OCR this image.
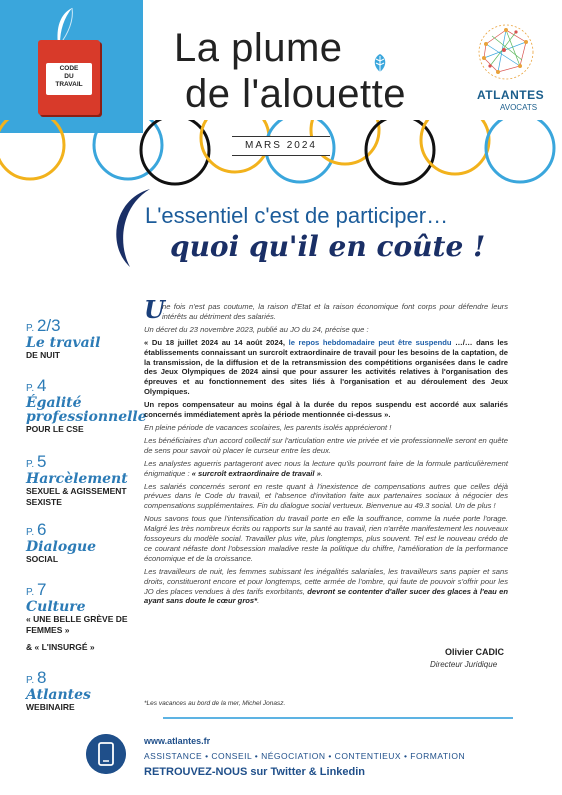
CODE
DU
TRAVAIL
La plume
de l'alouette	ATLANTES
AVOCATS
MARS 2024
L'essentiel c'est de participer…
quoi qu'il en coûte !
P. 2/3
Le travail
DE NUIT
P. 4
Égalité professionnelle
POUR LE CSE
P. 5
Harcèlement
SEXUEL & AGISSEMENT SEXISTE
P. 6
Dialogue
SOCIAL
P. 7
Culture
« UNE BELLE GRÈVE DE FEMMES »
& « L'INSURGÉ »
P. 8
Atlantes
WEBINAIRE
U

ne fois n'est pas coutume, la raison d'Etat et la raison économique font corps pour défendre leurs intérêts au détriment des salariés.

Un décret du 23 novembre 2023, publié au JO du 24, précise que :

« Du 18 juillet 2024 au 14 août 2024, le repos hebdomadaire peut être suspendu …/… dans les établissements connaissant un surcroît extraordinaire de travail pour les besoins de la captation, de la transmission, de la diffusion et de la retransmission des compétitions organisées dans le cadre des Jeux Olympiques de 2024 ainsi que pour assurer les activités relatives à l'organisation des épreuves et au fonctionnement des sites liés à l'organisation et au déroulement des Jeux Olympiques.

Un repos compensateur au moins égal à la durée du repos suspendu est accordé aux salariés concernés immédiatement après la période mentionnée ci-dessus ».

En pleine période de vacances scolaires, les parents isolés apprécieront !

Les bénéficiaires d'un accord collectif sur l'articulation entre vie privée et vie professionnelle seront en quête de sens pour savoir où placer le curseur entre les deux.

Les analystes aguerris partageront avec nous la lecture qu'ils pourront faire de la formule particulièrement énigmatique : « surcroît extraordinaire de travail ».

Les salariés concernés seront en reste quant à l'inexistence de compensations autres que celles déjà prévues dans le Code du travail, et l'absence d'invitation faite aux partenaires sociaux à négocier des compensations supplémentaires. Fin du dialogue social vertueux. Bienvenue au 49.3 social. Un de plus !

Nous savons tous que l'intensification du travail porte en elle la souffrance, comme la nuée porte l'orage. Malgré les très nombreux écrits ou rapports sur la santé au travail, rien n'arrête manifestement les nouveaux fossoyeurs du modèle social. Travailler plus vite, plus longtemps, plus souvent. Tel est le nouveau crédo de ce courant néfaste dont l'obsession maladive reste la politique du chiffre, l'amélioration de la performance économique et de la croissance.

Les travailleurs de nuit, les femmes subissant les inégalités salariales, les travailleurs sans papier et sans droits, constitueront encore et pour longtemps, cette armée de l'ombre, qui faute de pouvoir s'offrir pour les JO des places vendues à des tarifs exorbitants, devront se contenter d'aller sucer des glaces à l'eau en ayant sans doute le cœur gros*.

Olivier CADIC
Directeur Juridique
*Les vacances au bord de la mer, Michel Jonasz.
www.atlantes.fr
ASSISTANCE • CONSEIL • NÉGOCIATION • CONTENTIEUX • FORMATION
RETROUVEZ-NOUS sur Twitter & Linkedin
